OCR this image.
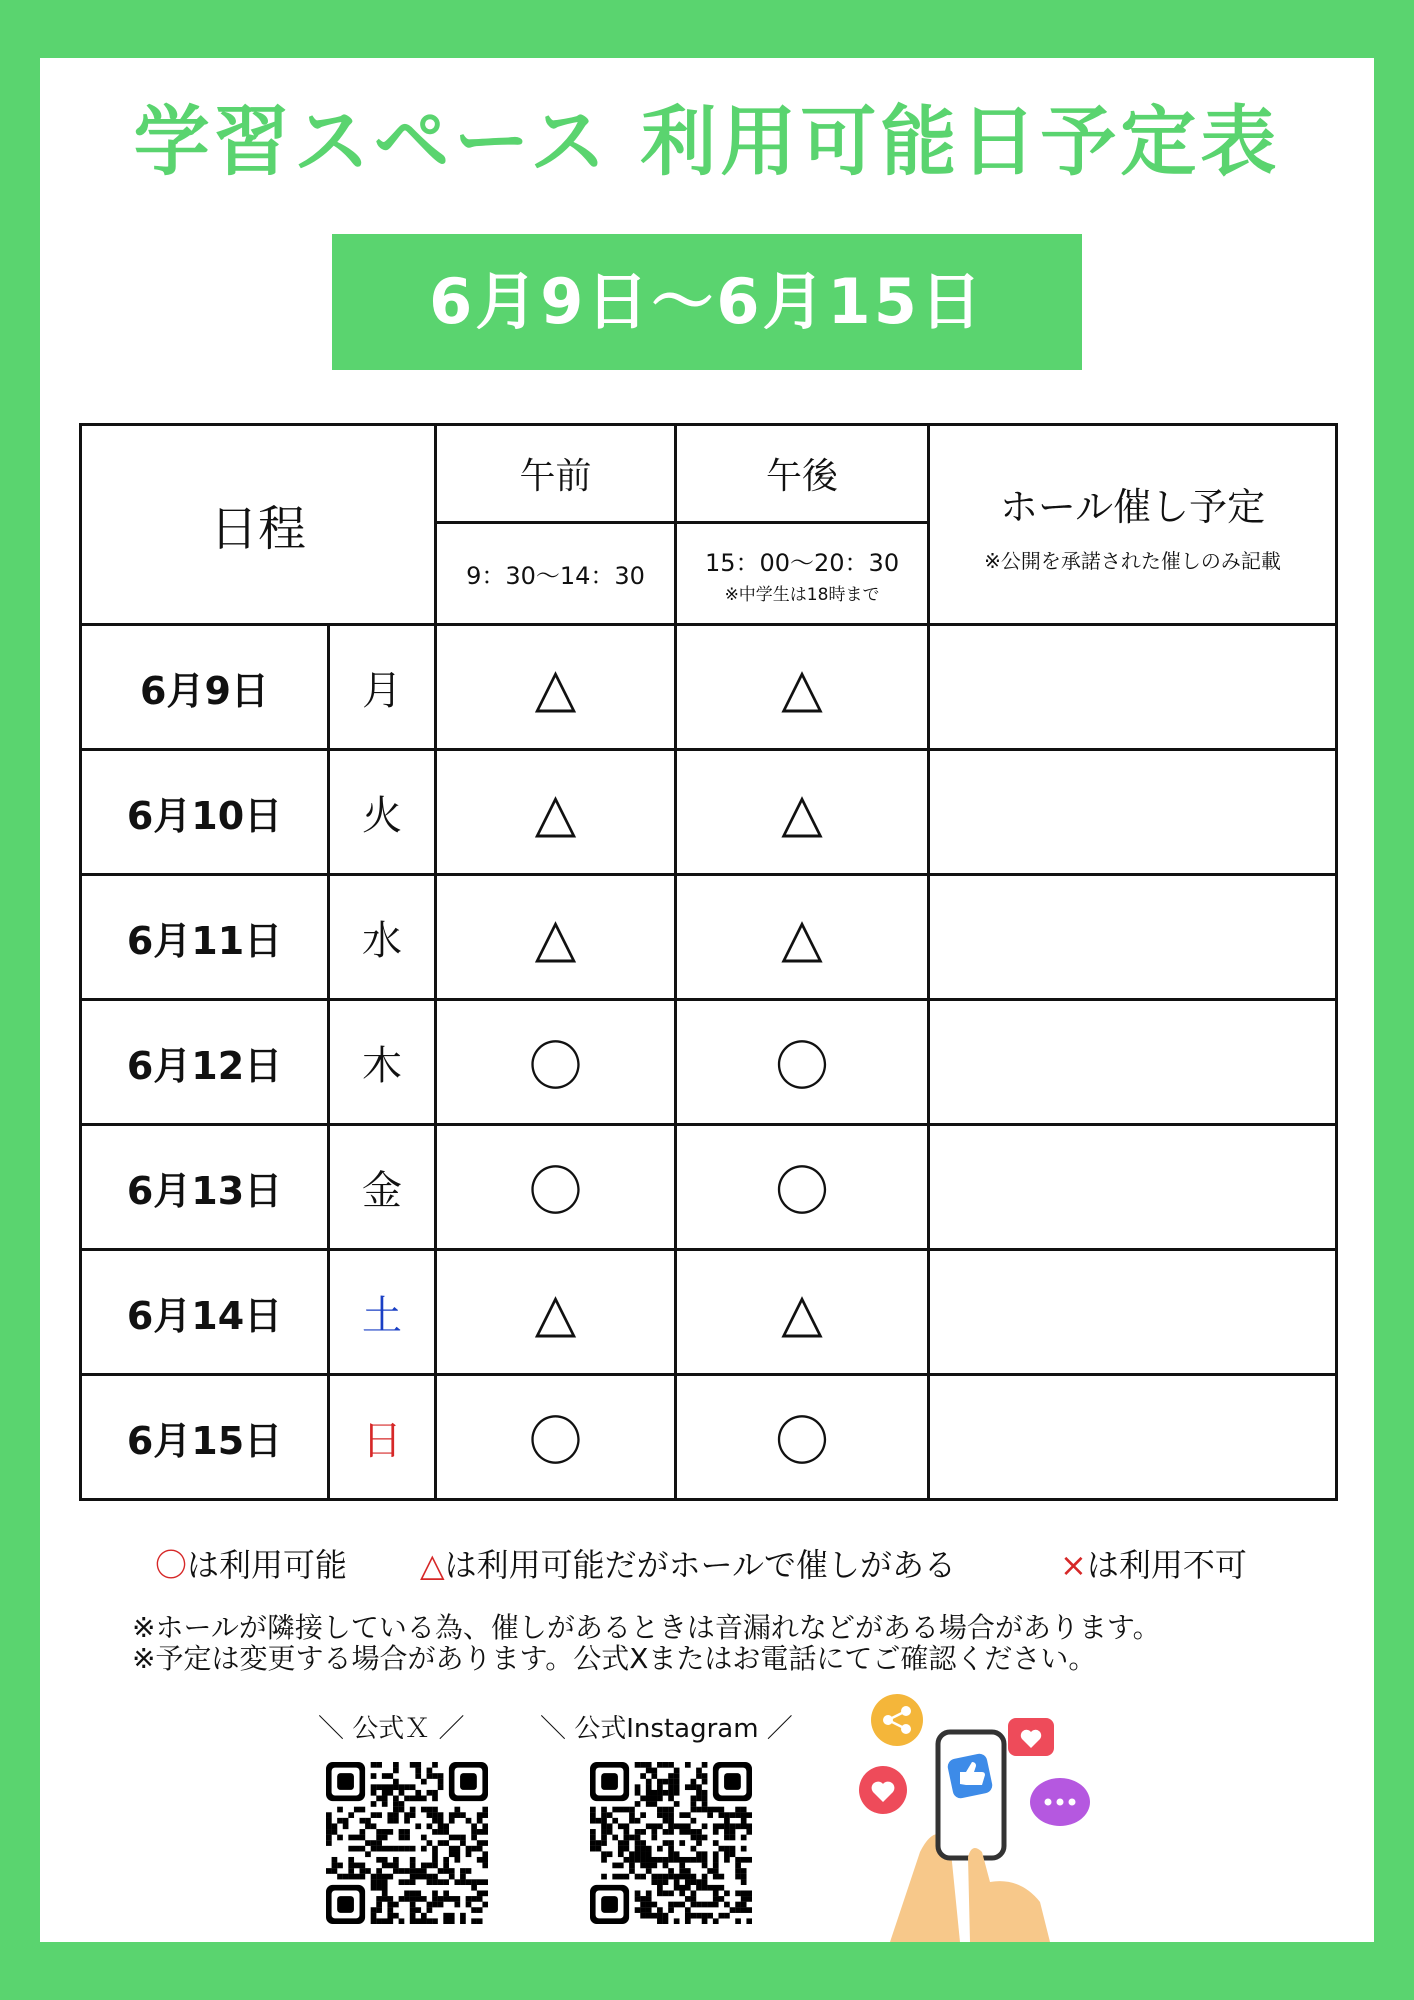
学習スペース 利用可能日予定表
6月9日～6月15日
日程		午前	午後	ホール催し予定
※公開を承諾された催しのみ記載

		9：30～14：30	15：00～20：30
※中学生は18時まで	

6月9日	月	△	△	
6月10日	火	△	△	
6月11日	水	△	△	
6月12日	木	〇	〇	
6月13日	金	〇	〇	
6月14日	土	△	△	
6月15日	日	〇	〇	
〇は利用可能 △は利用可能だがホールで催しがある	×は利用不可
※ホールが隣接している為、催しがあるときは音漏れなどがある場合があります。
※予定は変更する場合があります。公式Xまたはお電話にてご確認ください。
＼ 公式Ｘ ／	＼ 公式Instagram ／
